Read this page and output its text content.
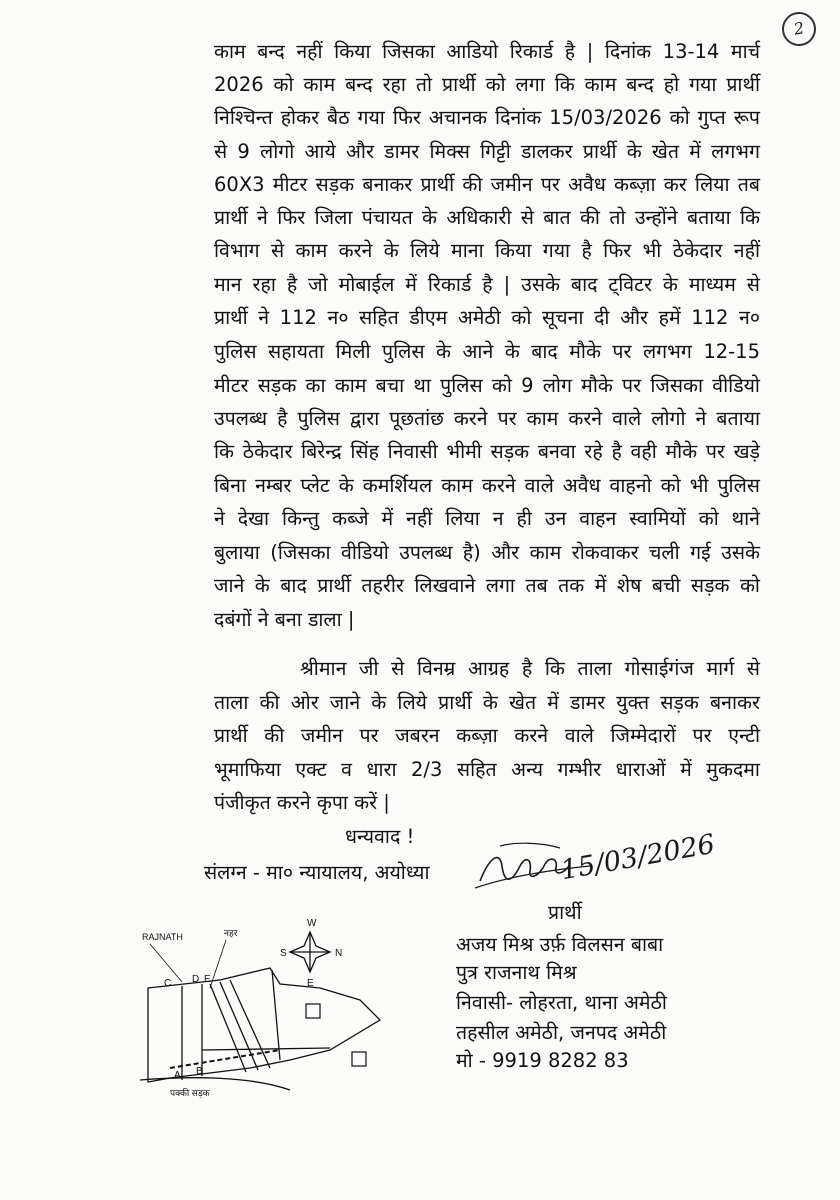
2
काम बन्द नहीं किया जिसका आडियो रिकार्ड है | दिनांक 13-14 मार्च
2026 को काम बन्द रहा तो प्रार्थी को लगा कि काम बन्द हो गया प्रार्थी
निश्चिन्त होकर बैठ गया फिर अचानक दिनांक 15/03/2026 को गुप्त रूप
से 9 लोगो आये और डामर मिक्स गिट्टी डालकर प्रार्थी के खेत में लगभग
60X3 मीटर सड़क बनाकर प्रार्थी की जमीन पर अवैध कब्ज़ा कर लिया तब
प्रार्थी ने फिर जिला पंचायत के अधिकारी से बात की तो उन्होंने बताया कि
विभाग से काम करने के लिये माना किया गया है फिर भी ठेकेदार नहीं
मान रहा है जो मोबाईल में रिकार्ड है | उसके बाद ट्विटर के माध्यम से
प्रार्थी ने 112 न० सहित डीएम अमेठी को सूचना दी और हमें 112 न०
पुलिस सहायता मिली पुलिस के आने के बाद मौके पर लगभग 12-15
मीटर सड़क का काम बचा था पुलिस को 9 लोग मौके पर जिसका वीडियो
उपलब्ध है पुलिस द्वारा पूछतांछ करने पर काम करने वाले लोगो ने बताया
कि ठेकेदार बिरेन्द्र सिंह निवासी भीमी सड़क बनवा रहे है वही मौके पर खड़े
बिना नम्बर प्लेट के कमर्शियल काम करने वाले अवैध वाहनो को भी पुलिस
ने देखा किन्तु कब्जे में नहीं लिया न ही उन वाहन स्वामियों को थाने
बुलाया (जिसका वीडियो उपलब्ध है) और काम रोकवाकर चली गई उसके
जाने के बाद प्रार्थी तहरीर लिखवाने लगा तब तक में शेष बची सड़क को
दबंगों ने बना डाला |
श्रीमान जी से विनम्र आग्रह है कि ताला गोसाईगंज मार्ग से
ताला की ओर जाने के लिये प्रार्थी के खेत में डामर युक्त सड़क बनाकर
प्रार्थी की जमीन पर जबरन कब्ज़ा करने वाले जिम्मेदारों पर एन्टी
भूमाफिया एक्ट व धारा 2/3 सहित अन्य गम्भीर धाराओं में मुकदमा
पंजीकृत करने कृपा करें |
धन्यवाद !
संलग्न - मा० न्यायालय, अयोध्या	15/03/2026
प्रार्थी
अजय मिश्र उर्फ़ विलसन बाबा
पुत्र राजनाथ मिश्र
निवासी- लोहरता, थाना अमेठी
तहसील अमेठी, जनपद अमेठी
मो - 9919 8282 83
W
S	N
E
RAJNATH	नहर
C D E
A B
पक्की सड़क
